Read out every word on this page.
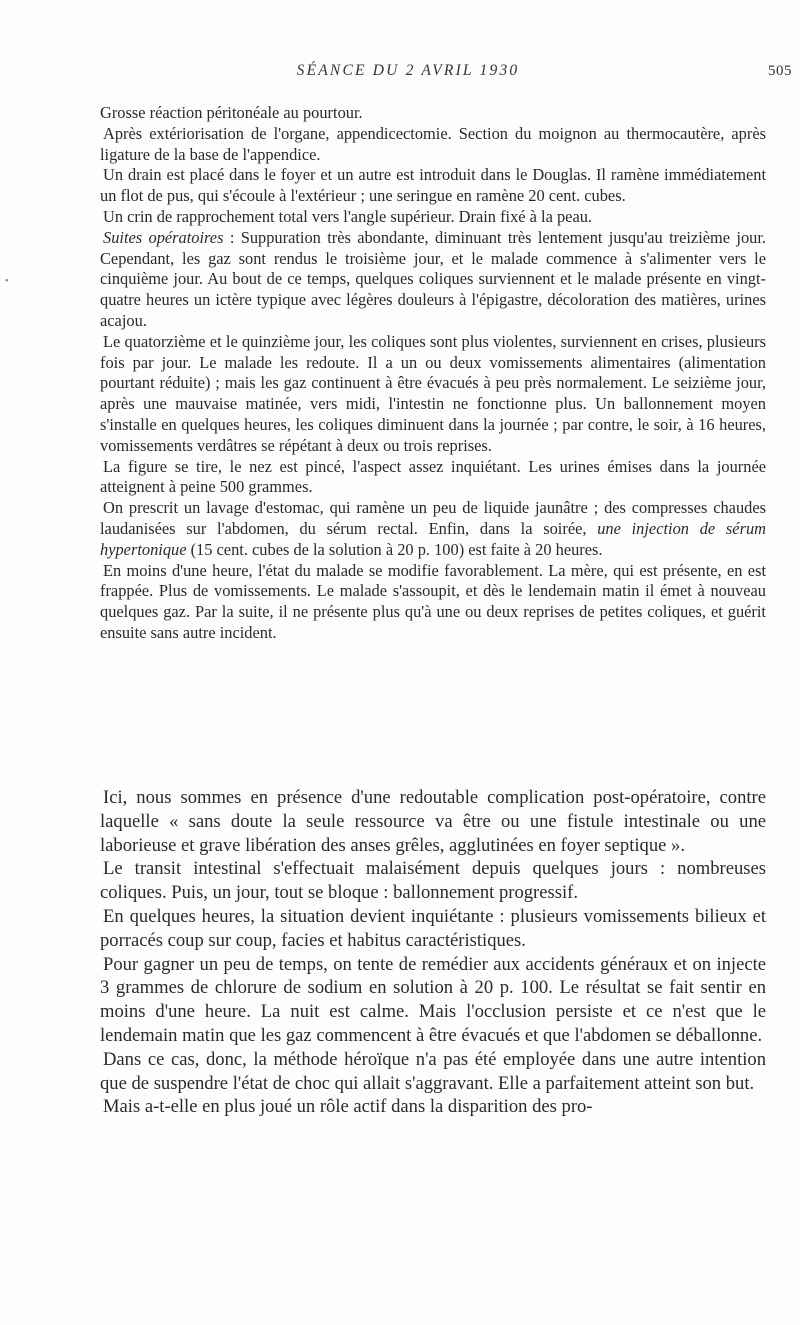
SÉANCE DU 2 AVRIL 1930	505
•

Grosse réaction péritonéale au pourtour.

Après extériorisation de l'organe, appendicectomie. Section du moignon au thermocautère, après ligature de la base de l'appendice.

Un drain est placé dans le foyer et un autre est introduit dans le Douglas. Il ramène immédiatement un flot de pus, qui s'écoule à l'extérieur ; une seringue en ramène 20 cent. cubes.

Un crin de rapprochement total vers l'angle supérieur. Drain fixé à la peau.

Suites opératoires : Suppuration très abondante, diminuant très lentement jusqu'au treizième jour. Cependant, les gaz sont rendus le troisième jour, et le malade commence à s'alimenter vers le cinquième jour. Au bout de ce temps, quelques coliques surviennent et le malade présente en vingt-quatre heures un ictère typique avec légères douleurs à l'épigastre, décoloration des matières, urines acajou.

Le quatorzième et le quinzième jour, les coliques sont plus violentes, surviennent en crises, plusieurs fois par jour. Le malade les redoute. Il a un ou deux vomissements alimentaires (alimentation pourtant réduite) ; mais les gaz continuent à être évacués à peu près normalement. Le seizième jour, après une mauvaise matinée, vers midi, l'intestin ne fonctionne plus. Un ballonnement moyen s'installe en quelques heures, les coliques diminuent dans la journée ; par contre, le soir, à 16 heures, vomissements verdâtres se répétant à deux ou trois reprises.

La figure se tire, le nez est pincé, l'aspect assez inquiétant. Les urines émises dans la journée atteignent à peine 500 grammes.

On prescrit un lavage d'estomac, qui ramène un peu de liquide jaunâtre ; des compresses chaudes laudanisées sur l'abdomen, du sérum rectal. Enfin, dans la soirée, une injection de sérum hypertonique (15 cent. cubes de la solution à 20 p. 100) est faite à 20 heures.

En moins d'une heure, l'état du malade se modifie favorablement. La mère, qui est présente, en est frappée. Plus de vomissements. Le malade s'assoupit, et dès le lendemain matin il émet à nouveau quelques gaz. Par la suite, il ne présente plus qu'à une ou deux reprises de petites coliques, et guérit ensuite sans autre incident.

Ici, nous sommes en présence d'une redoutable complication post-opératoire, contre laquelle « sans doute la seule ressource va être ou une fistule intestinale ou une laborieuse et grave libération des anses grêles, agglutinées en foyer septique ».

Le transit intestinal s'effectuait malaisément depuis quelques jours : nombreuses coliques. Puis, un jour, tout se bloque : ballonnement progressif.

En quelques heures, la situation devient inquiétante : plusieurs vomissements bilieux et porracés coup sur coup, facies et habitus caractéristiques.

Pour gagner un peu de temps, on tente de remédier aux accidents généraux et on injecte 3 grammes de chlorure de sodium en solution à 20 p. 100. Le résultat se fait sentir en moins d'une heure. La nuit est calme. Mais l'occlusion persiste et ce n'est que le lendemain matin que les gaz commencent à être évacués et que l'abdomen se déballonne.

Dans ce cas, donc, la méthode héroïque n'a pas été employée dans une autre intention que de suspendre l'état de choc qui allait s'aggravant. Elle a parfaitement atteint son but.

Mais a-t-elle en plus joué un rôle actif dans la disparition des pro-
